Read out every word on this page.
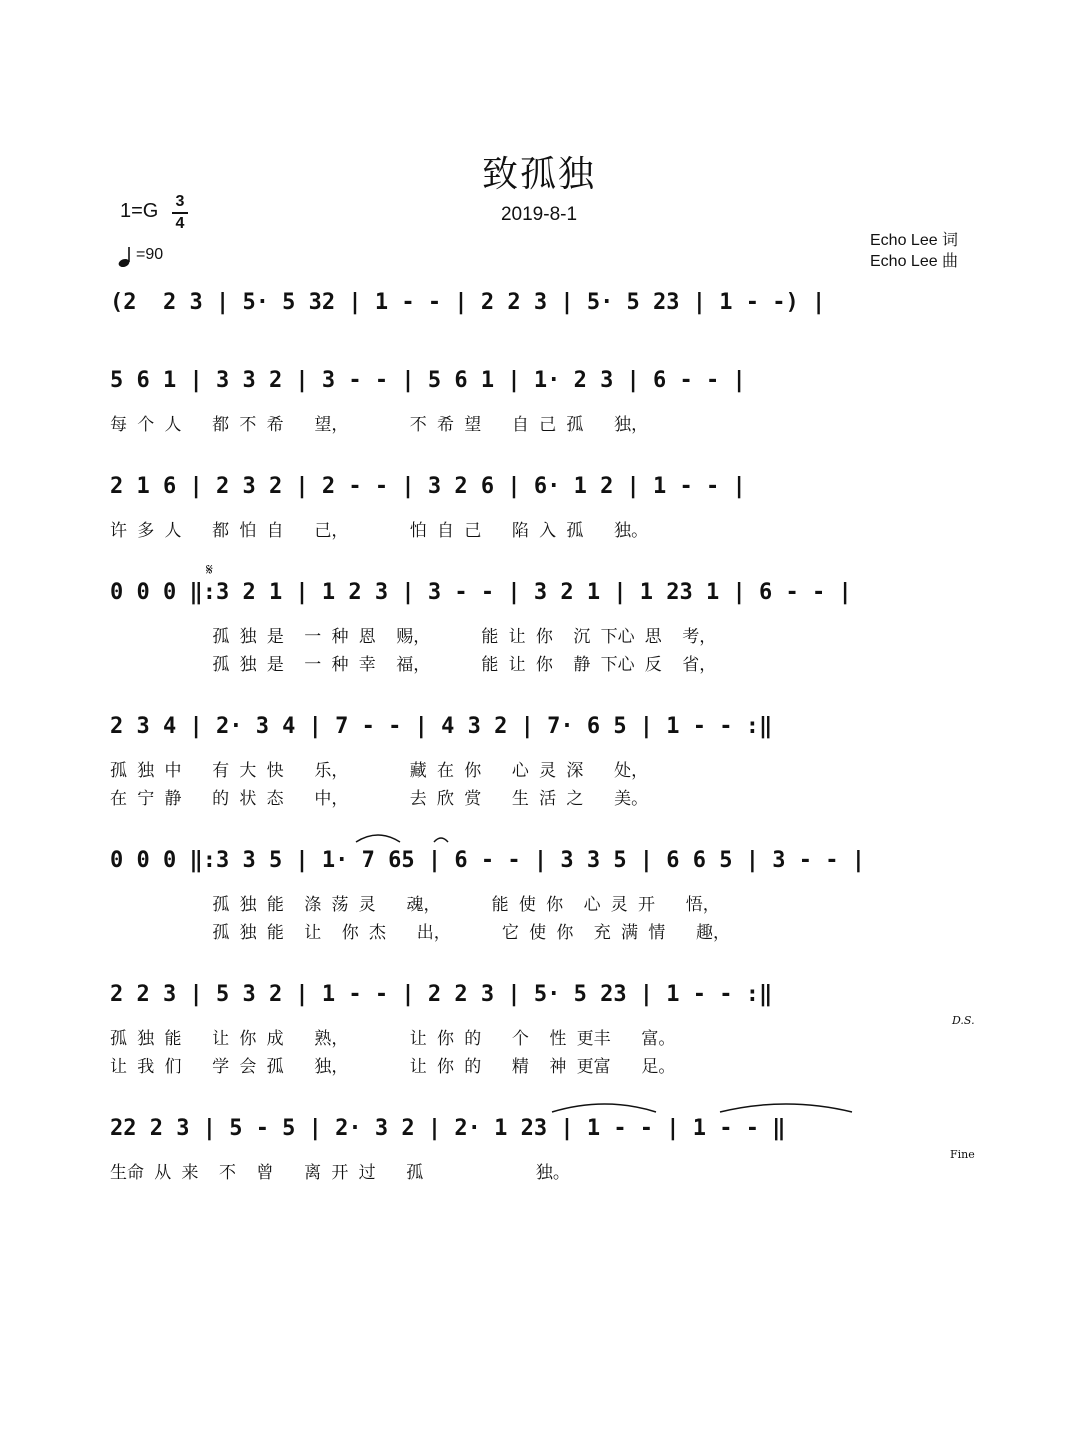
致孤独
2019-8-1
1=G 3
4
=90
Echo Lee 词
Echo Lee 曲
(2  2 3 | 5· 5 32 | 1 - - | 2 2 3 | 5· 5 23 | 1 - -) |
5 6 1 | 3 3 2 | 3 - - | 5 6 1 | 1· 2 3 | 6 - - |
每 个 人   都 不 希   望，      不 希 望   自 己 孤   独，
2 1 6 | 2 3 2 | 2 - - | 3 2 6 | 6· 1 2 | 1 - - |
许 多 人   都 怕 自   己，      怕 自 己   陷 入 孤   独。
𝄋
0 0 0 ‖:3 2 1 | 1 2 3 | 3 - - | 3 2 1 | 1 23 1 | 6 - - |
孤 独 是  一 种 恩  赐，     能 让 你  沉 下心 思  考，
孤 独 是  一 种 幸  福，     能 让 你  静 下心 反  省，
2 3 4 | 2· 3 4 | 7 - - | 4 3 2 | 7· 6 5 | 1 - - :‖
孤 独 中   有 大 快   乐，      藏 在 你   心 灵 深   处，
在 宁 静   的 状 态   中，      去 欣 赏   生 活 之   美。
0 0 0 ‖:3 3 5 | 1· 7 65 | 6 - - | 3 3 5 | 6 6 5 | 3 - - |
孤 独 能  涤 荡 灵   魂，     能 使 你  心 灵 开   悟，
孤 独 能  让  你 杰   出，     它 使 你  充 满 情   趣，
2 2 3 | 5 3 2 | 1 - - | 2 2 3 | 5· 5 23 | 1 - - :‖
D.S.
孤 独 能   让 你 成   熟，      让 你 的   个  性 更丰   富。
让 我 们   学 会 孤   独，      让 你 的   精  神 更富   足。
22 2 3 | 5 - 5 | 2· 3 2 | 2· 1 23 | 1 - - | 1 - - ‖
Fine
生命 从 来  不  曾   离 开 过   孤           独。
